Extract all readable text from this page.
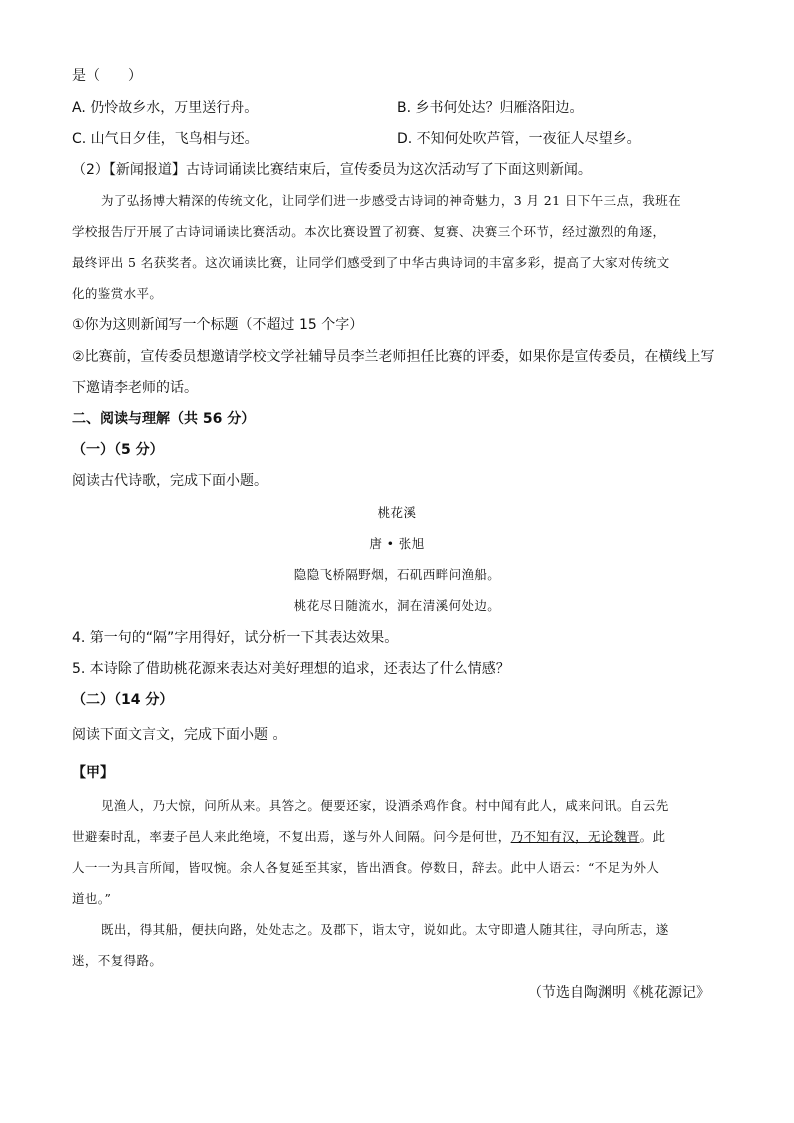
是（　　）
A. 仍怜故乡水，万里送行舟。	B. 乡书何处达？归雁洛阳边。
C. 山气日夕佳，飞鸟相与还。	D. 不知何处吹芦管，一夜征人尽望乡。
（2）【新闻报道】古诗词诵读比赛结束后，宣传委员为这次活动写了下面这则新闻。
为了弘扬博大精深的传统文化，让同学们进一步感受古诗词的神奇魅力，3 月 21 日下午三点，我班在
学校报告厅开展了古诗词诵读比赛活动。本次比赛设置了初赛、复赛、决赛三个环节，经过激烈的角逐，
最终评出 5 名获奖者。这次诵读比赛，让同学们感受到了中华古典诗词的丰富多彩，提高了大家对传统文
化的鉴赏水平。
①你为这则新闻写一个标题（不超过 15 个字）
②比赛前，宣传委员想邀请学校文学社辅导员李兰老师担任比赛的评委，如果你是宣传委员，在横线上写
下邀请李老师的话。
二、阅读与理解（共 56 分）
（一）（5 分）
阅读古代诗歌，完成下面小题。
桃花溪
唐 • 张旭
隐隐飞桥隔野烟，石矶西畔问渔船。
桃花尽日随流水，洞在清溪何处边。
4. 第一句的“隔”字用得好，试分析一下其表达效果。
5. 本诗除了借助桃花源来表达对美好理想的追求，还表达了什么情感？
（二）（14 分）
阅读下面文言文，完成下面小题 。
【甲】
见渔人，乃大惊，问所从来。具答之。便要还家，设酒杀鸡作食。村中闻有此人，咸来问讯。自云先
世避秦时乱，率妻子邑人来此绝境，不复出焉，遂与外人间隔。问今是何世，乃不知有汉，无论魏晋。此
人一一为具言所闻，皆叹惋。余人各复延至其家，皆出酒食。停数日，辞去。此中人语云：“不足为外人
道也。”
既出，得其船，便扶向路，处处志之。及郡下，诣太守，说如此。太守即遣人随其往，寻向所志，遂
迷，不复得路。
（节选自陶渊明《桃花源记》
